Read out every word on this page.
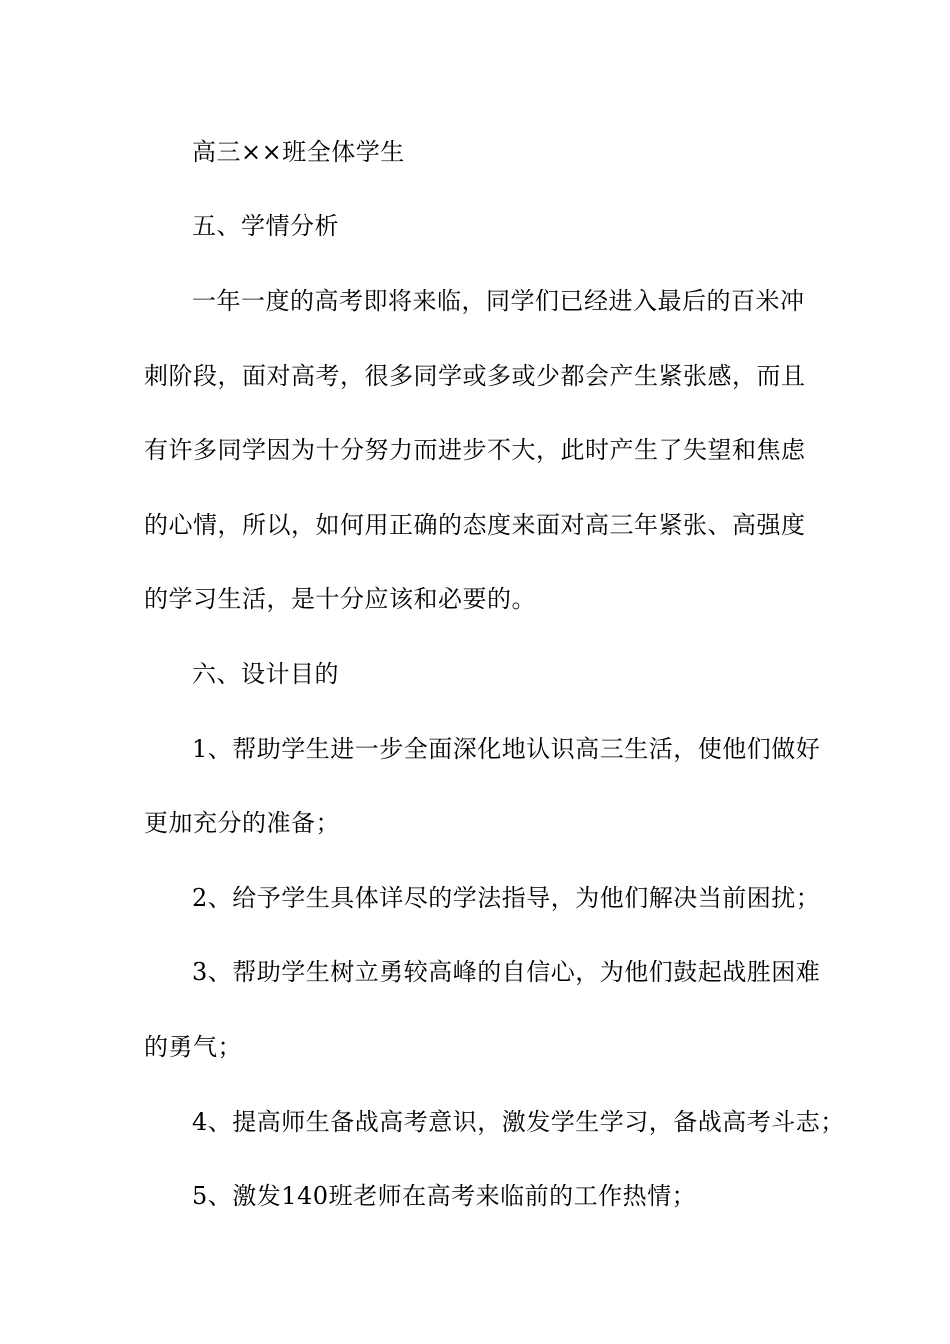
高三××班全体学生
五、学情分析
一年一度的高考即将来临，同学们已经进入最后的百米冲
刺阶段，面对高考，很多同学或多或少都会产生紧张感，而且
有许多同学因为十分努力而进步不大，此时产生了失望和焦虑
的心情，所以，如何用正确的态度来面对高三年紧张、高强度
的学习生活，是十分应该和必要的。
六、设计目的
1、帮助学生进一步全面深化地认识高三生活，使他们做好
更加充分的准备；
2、给予学生具体详尽的学法指导，为他们解决当前困扰；
3、帮助学生树立勇较高峰的自信心，为他们鼓起战胜困难
的勇气；
4、提高师生备战高考意识，激发学生学习，备战高考斗志；
5、激发140班老师在高考来临前的工作热情；
